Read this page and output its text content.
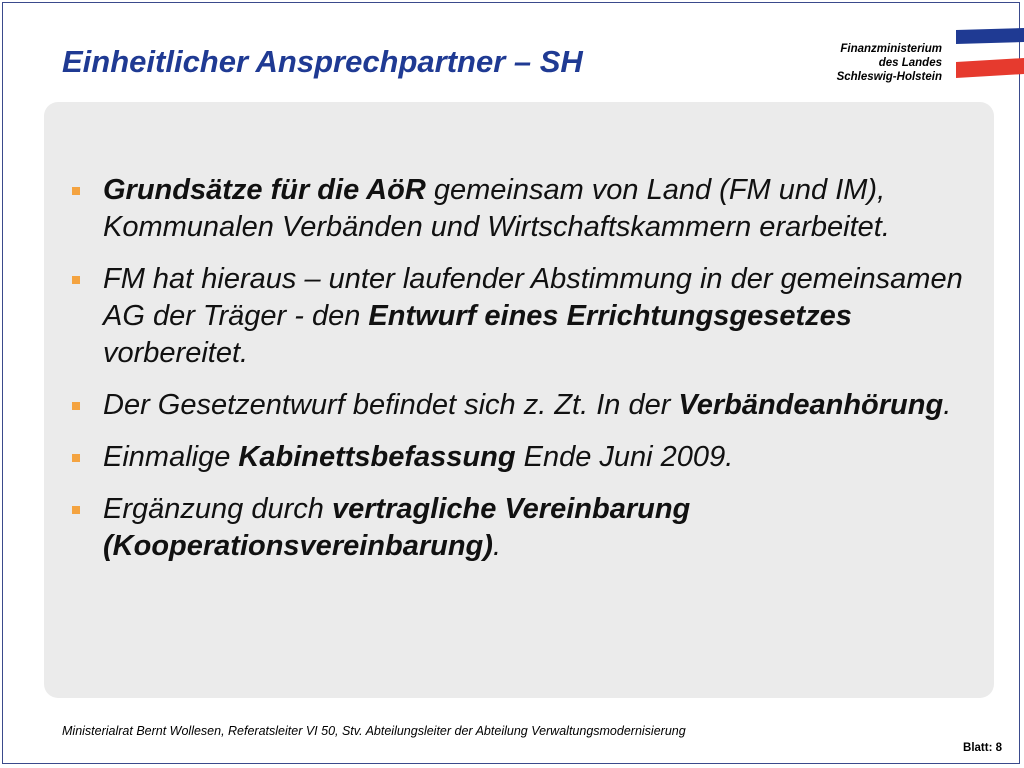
Einheitlicher Ansprechpartner – SH	Finanzministerium
des Landes
Schleswig-Holstein
Grundsätze für die AöR gemeinsam von Land (FM und IM), Kommunalen Verbänden und Wirtschaftskammern erarbeitet.
FM hat hieraus – unter laufender Abstimmung in der gemeinsamen AG der Träger - den Entwurf eines Errichtungsgesetzes vorbereitet.
Der Gesetzentwurf befindet sich z. Zt. In der Verbändeanhörung.
Einmalige Kabinettsbefassung Ende Juni 2009.
Ergänzung durch vertragliche Vereinbarung (Kooperationsvereinbarung).
Ministerialrat Bernt Wollesen, Referatsleiter VI 50, Stv. Abteilungsleiter der Abteilung Verwaltungsmodernisierung
Blatt: 8
